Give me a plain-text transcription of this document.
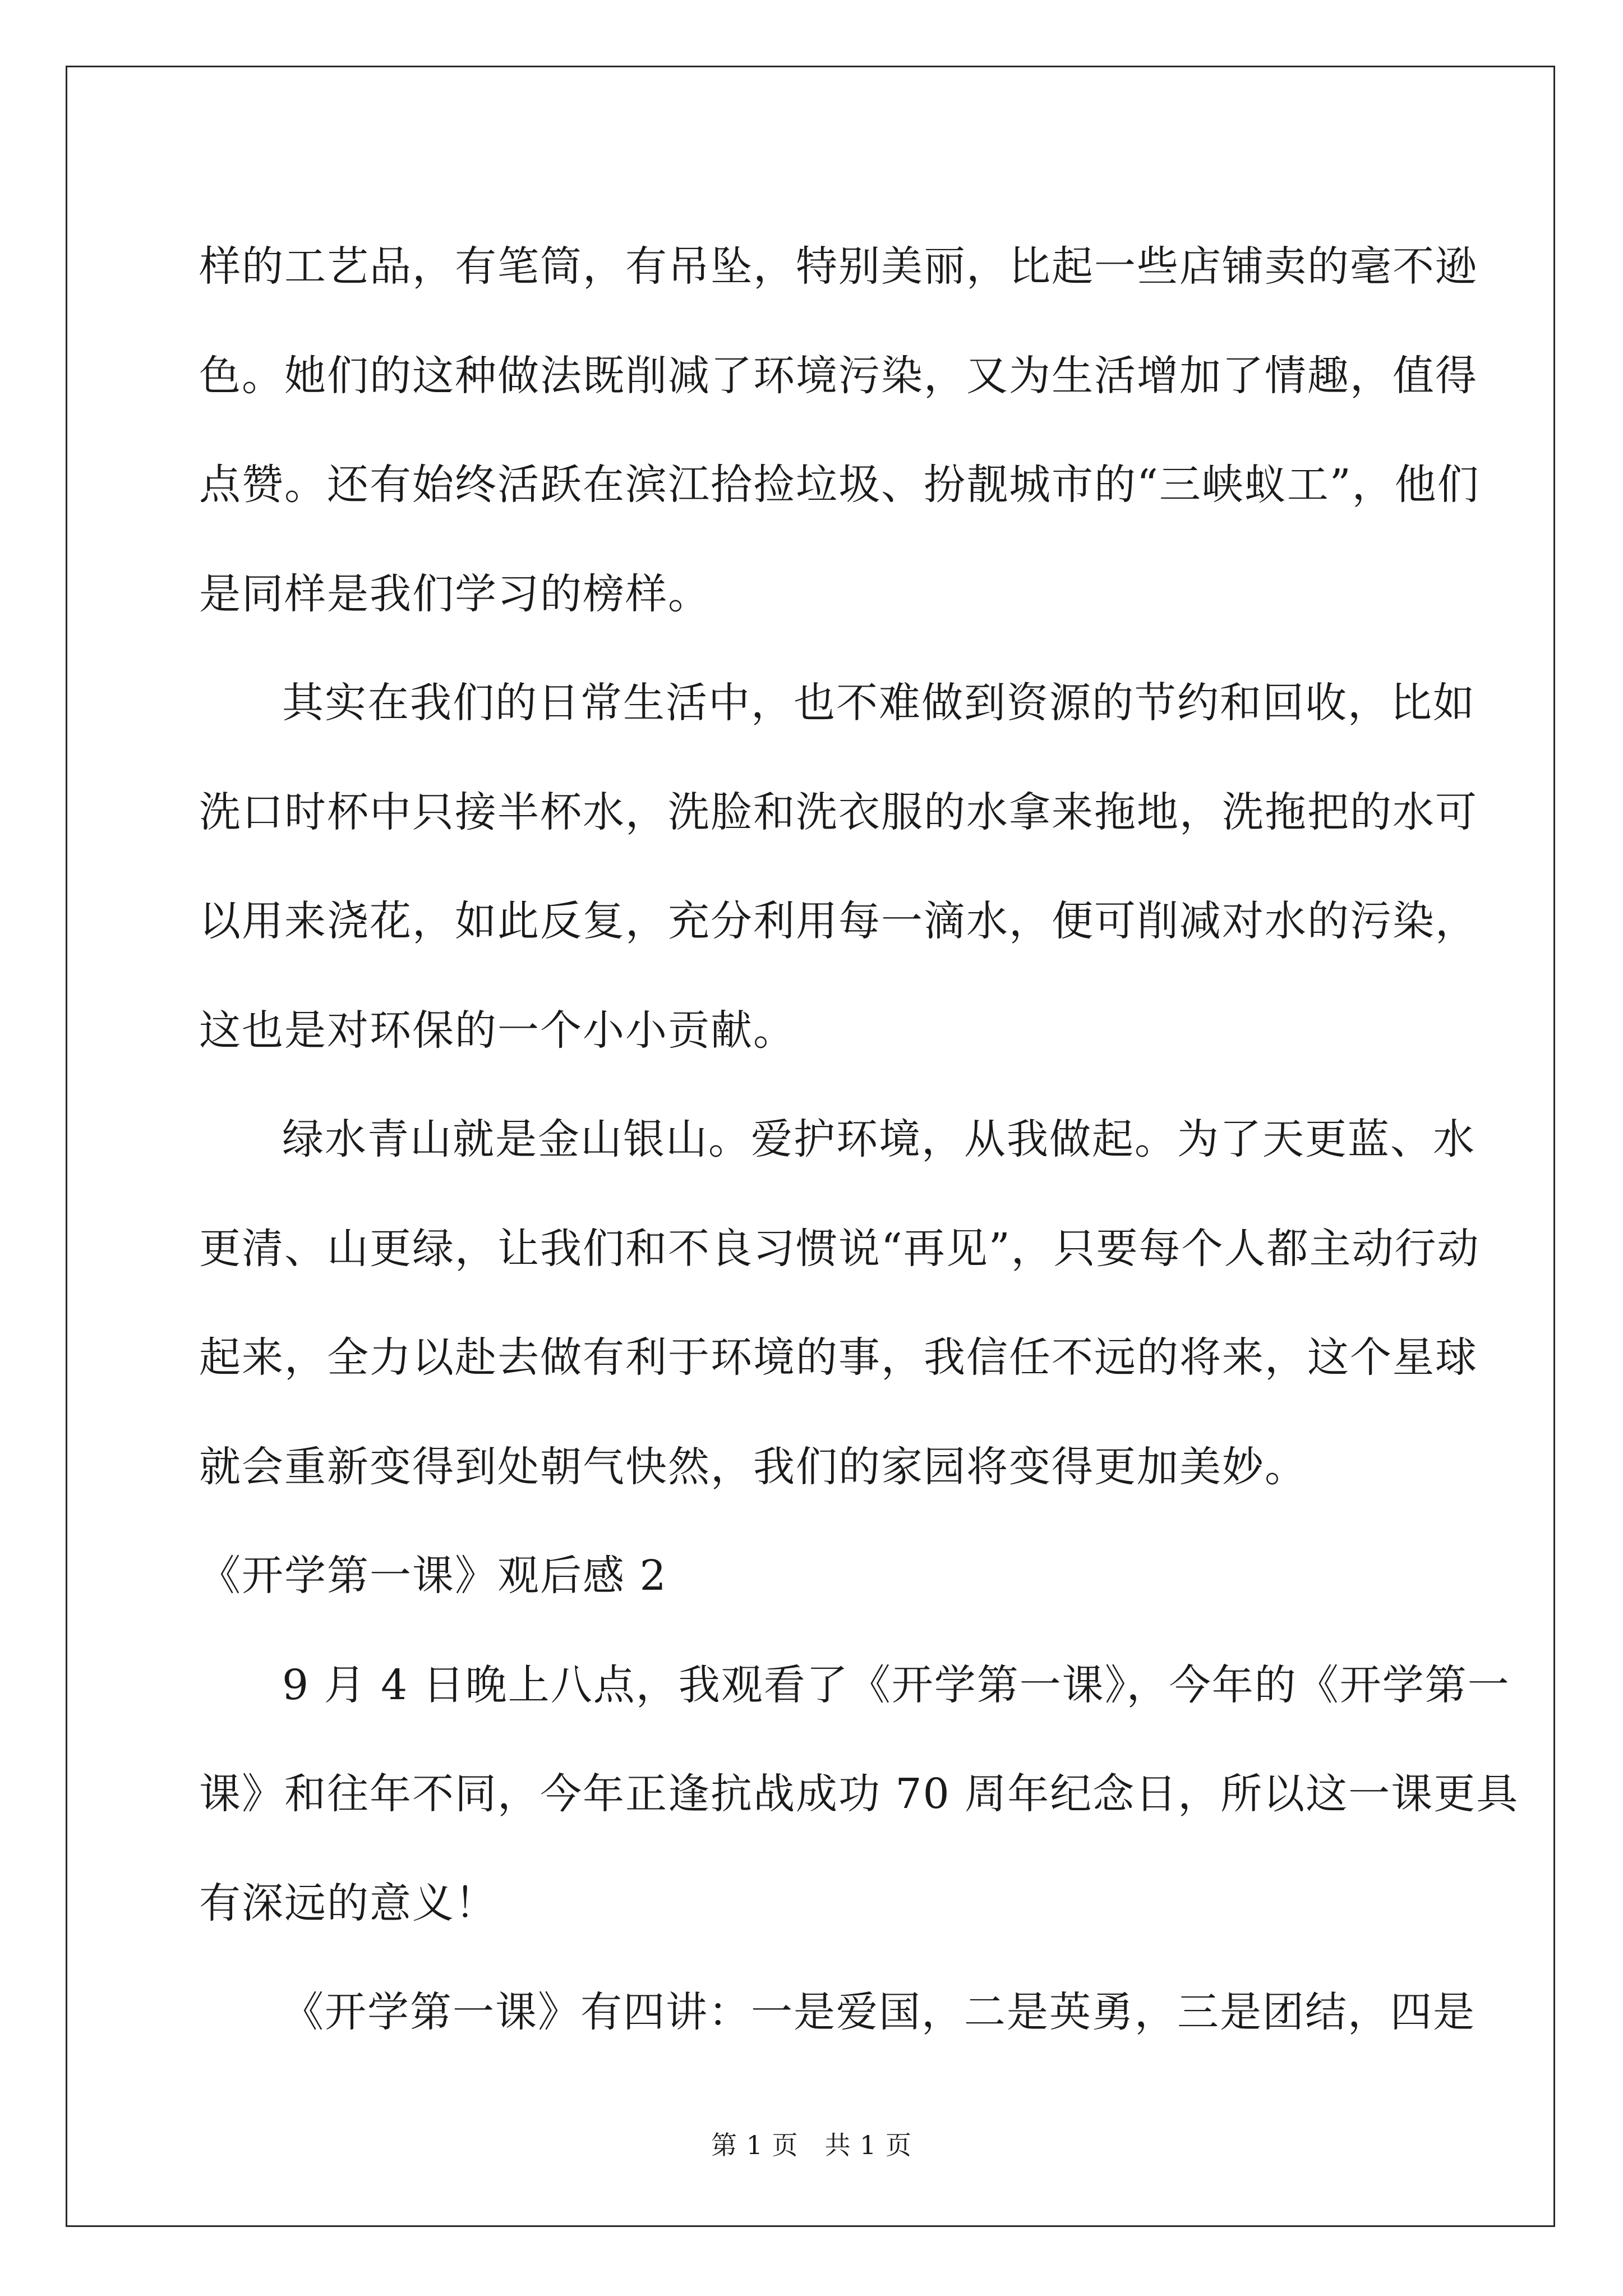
样的工艺品，有笔筒，有吊坠，特别美丽，比起一些店铺卖的毫不逊
色。她们的这种做法既削减了环境污染，又为生活增加了情趣，值得
点赞。还有始终活跃在滨江拾捡垃圾、扮靓城市的“三峡蚁工”，他们
是同样是我们学习的榜样。
其实在我们的日常生活中，也不难做到资源的节约和回收，比如
洗口时杯中只接半杯水，洗脸和洗衣服的水拿来拖地，洗拖把的水可
以用来浇花，如此反复，充分利用每一滴水，便可削减对水的污染，
这也是对环保的一个小小贡献。
绿水青山就是金山银山。爱护环境，从我做起。为了天更蓝、水
更清、山更绿，让我们和不良习惯说“再见”，只要每个人都主动行动
起来，全力以赴去做有利于环境的事，我信任不远的将来，这个星球
就会重新变得到处朝气快然，我们的家园将变得更加美妙。
《开学第一课》观后感 2
9 月 4 日晚上八点，我观看了《开学第一课》，今年的《开学第一
课》和往年不同，今年正逢抗战成功 70 周年纪念日，所以这一课更具
有深远的意义！
《开学第一课》有四讲：一是爱国，二是英勇，三是团结，四是
第 1 页 共 1 页
